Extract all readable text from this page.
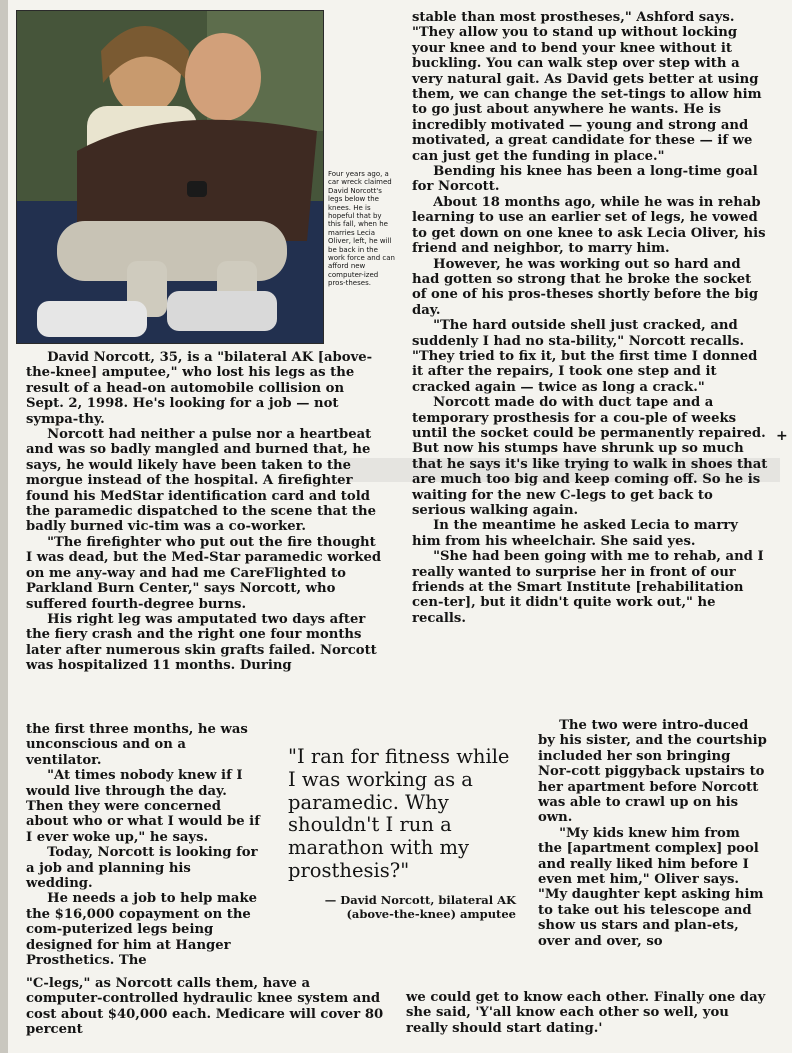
Four years ago, a car wreck claimed David Norcott's legs below the knees. He is hopeful that by this fall, when he marries Lecia Oliver, left, he will be back in the work force and can afford new computer-ized pros-theses.

stable than most prostheses," Ashford says. "They allow you to stand up without locking your knee and to bend your knee without it buckling. You can walk step over step with a very natural gait. As David gets better at using them, we can change the set-tings to allow him to go just about anywhere he wants. He is incredibly motivated — young and strong and motivated, a great candidate for these — if we can just get the funding in place."

Bending his knee has been a long-time goal for Norcott.

About 18 months ago, while he was in rehab learning to use an earlier set of legs, he vowed to get down on one knee to ask Lecia Oliver, his friend and neighbor, to marry him.

However, he was working out so hard and had gotten so strong that he broke the socket of one of his pros-theses shortly before the big day.

"The hard outside shell just cracked, and suddenly I had no sta-bility," Norcott recalls. "They tried to fix it, but the first time I donned it after the repairs, I took one step and it cracked again — twice as long a crack."

Norcott made do with duct tape and a temporary prosthesis for a cou-ple of weeks until the socket could be permanently repaired. But now his stumps have shrunk up so much that he says it's like trying to walk in shoes that are much too big and keep coming off. So he is waiting for the new C-legs to get back to serious walking again.

In the meantime he asked Lecia to marry him from his wheelchair. She said yes.

"She had been going with me to rehab, and I really wanted to surprise her in front of our friends at the Smart Institute [rehabilitation cen-ter], but it didn't quite work out," he recalls.

David Norcott, 35, is a "bilateral AK [above-the-knee] amputee," who lost his legs as the result of a head-on automobile collision on Sept. 2, 1998. He's looking for a job — not sympa-thy.

Norcott had neither a pulse nor a heartbeat and was so badly mangled and burned that, he says, he would likely have been taken to the morgue instead of the hospital. A firefighter found his MedStar identification card and told the paramedic dispatched to the scene that the badly burned vic-tim was a co-worker.

"The firefighter who put out the fire thought I was dead, but the Med-Star paramedic worked on me any-way and had me CareFlighted to Parkland Burn Center," says Norcott, who suffered fourth-degree burns.

His right leg was amputated two days after the fiery crash and the right one four months later after numerous skin grafts failed. Norcott was hospitalized 11 months. During

the first three months, he was unconscious and on a ventilator.

"At times nobody knew if I would live through the day. Then they were concerned about who or what I would be if I ever woke up," he says.

Today, Norcott is looking for a job and planning his wedding.

He needs a job to help make the $16,000 copayment on the com-puterized legs being designed for him at Hanger Prosthetics. The

"C-legs," as Norcott calls them, have a computer-controlled hydraulic knee system and cost about $40,000 each. Medicare will cover 80 percent

"I ran for fitness while I was working as a paramedic. Why shouldn't I run a marathon with my prosthesis?"
— David Norcott, bilateral AK (above-the-knee) amputee

The two were intro-duced by his sister, and the courtship included her son bringing Nor-cott piggyback upstairs to her apartment before Norcott was able to crawl up on his own.

"My kids knew him from the [apartment complex] pool and really liked him before I even met him," Oliver says. "My daughter kept asking him to take out his telescope and show us stars and plan-ets, over and over, so

we could get to know each other. Finally one day she said, 'Y'all know each other so well, you really should start dating.'

+
